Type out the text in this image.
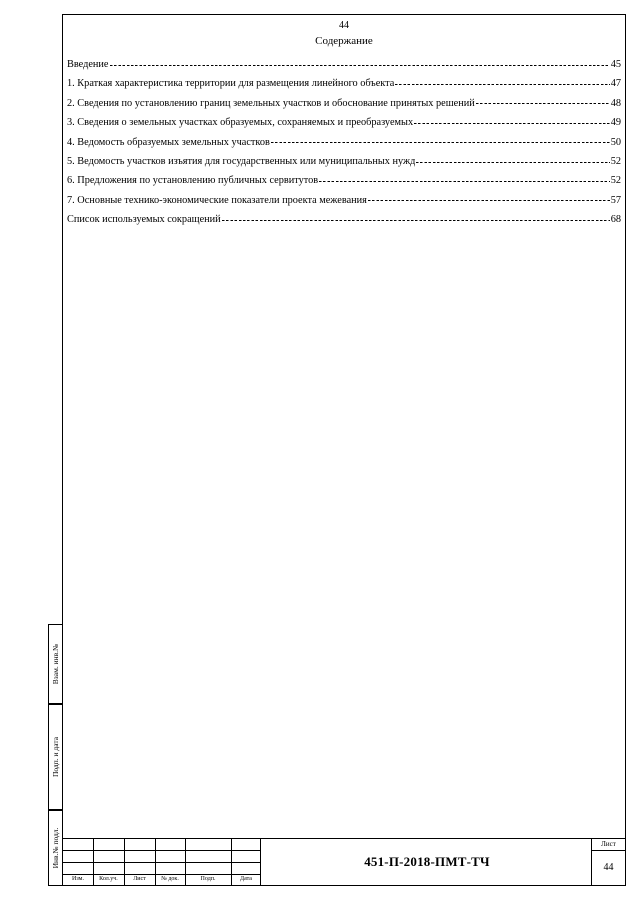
44
Содержание
Введение	45
1. Краткая характеристика территории для размещения линейного объекта	47
2. Сведения по установлению границ земельных участков и обоснование принятых решений	48
3. Сведения о земельных участках образуемых, сохраняемых и преобразуемых	49
4. Ведомость образуемых земельных участков	50
5. Ведомость участков изъятия для государственных или муниципальных нужд	52
6. Предложения по установлению публичных сервитутов	52
7. Основные технико-экономические показатели проекта межевания	57
Список используемых сокращений	68
Изм.	Кол.уч.	Лист	№ док.	Подп.	Дата
451-П-2018-ПМТ-ТЧ
Лист
44
Взам. инв.№
Подп. и дата
Инв.№ подл.
